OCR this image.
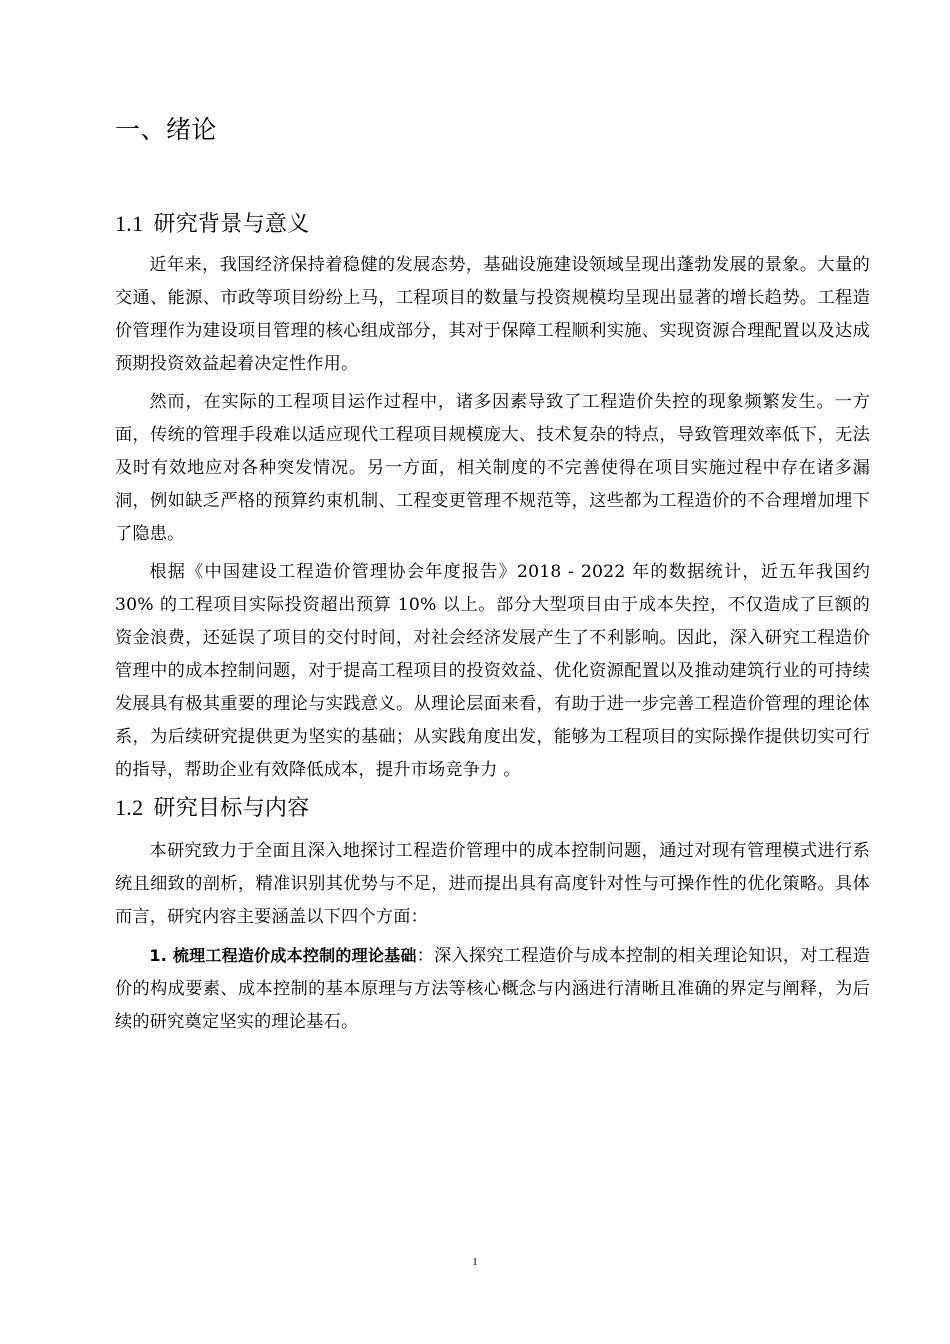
一、绪论
1.1 研究背景与意义

近年来，我国经济保持着稳健的发展态势，基础设施建设领域呈现出蓬勃发展的景象。大量的交通、能源、市政等项目纷纷上马，工程项目的数量与投资规模均呈现出显著的增长趋势。工程造价管理作为建设项目管理的核心组成部分，其对于保障工程顺利实施、实现资源合理配置以及达成预期投资效益起着决定性作用。

然而，在实际的工程项目运作过程中，诸多因素导致了工程造价失控的现象频繁发生。一方面，传统的管理手段难以适应现代工程项目规模庞大、技术复杂的特点，导致管理效率低下，无法及时有效地应对各种突发情况。另一方面，相关制度的不完善使得在项目实施过程中存在诸多漏洞，例如缺乏严格的预算约束机制、工程变更管理不规范等，这些都为工程造价的不合理增加埋下了隐患。

根据《中国建设工程造价管理协会年度报告》2018 - 2022 年的数据统计，近五年我国约 30% 的工程项目实际投资超出预算 10% 以上。部分大型项目由于成本失控，不仅造成了巨额的资金浪费，还延误了项目的交付时间，对社会经济发展产生了不利影响。因此，深入研究工程造价管理中的成本控制问题，对于提高工程项目的投资效益、优化资源配置以及推动建筑行业的可持续发展具有极其重要的理论与实践意义。从理论层面来看，有助于进一步完善工程造价管理的理论体系，为后续研究提供更为坚实的基础；从实践角度出发，能够为工程项目的实际操作提供切实可行的指导，帮助企业有效降低成本，提升市场竞争力 。

1.2 研究目标与内容

本研究致力于全面且深入地探讨工程造价管理中的成本控制问题，通过对现有管理模式进行系统且细致的剖析，精准识别其优势与不足，进而提出具有高度针对性与可操作性的优化策略。具体而言，研究内容主要涵盖以下四个方面：

1. 梳理工程造价成本控制的理论基础：深入探究工程造价与成本控制的相关理论知识，对工程造价的构成要素、成本控制的基本原理与方法等核心概念与内涵进行清晰且准确的界定与阐释，为后续的研究奠定坚实的理论基石。

1
